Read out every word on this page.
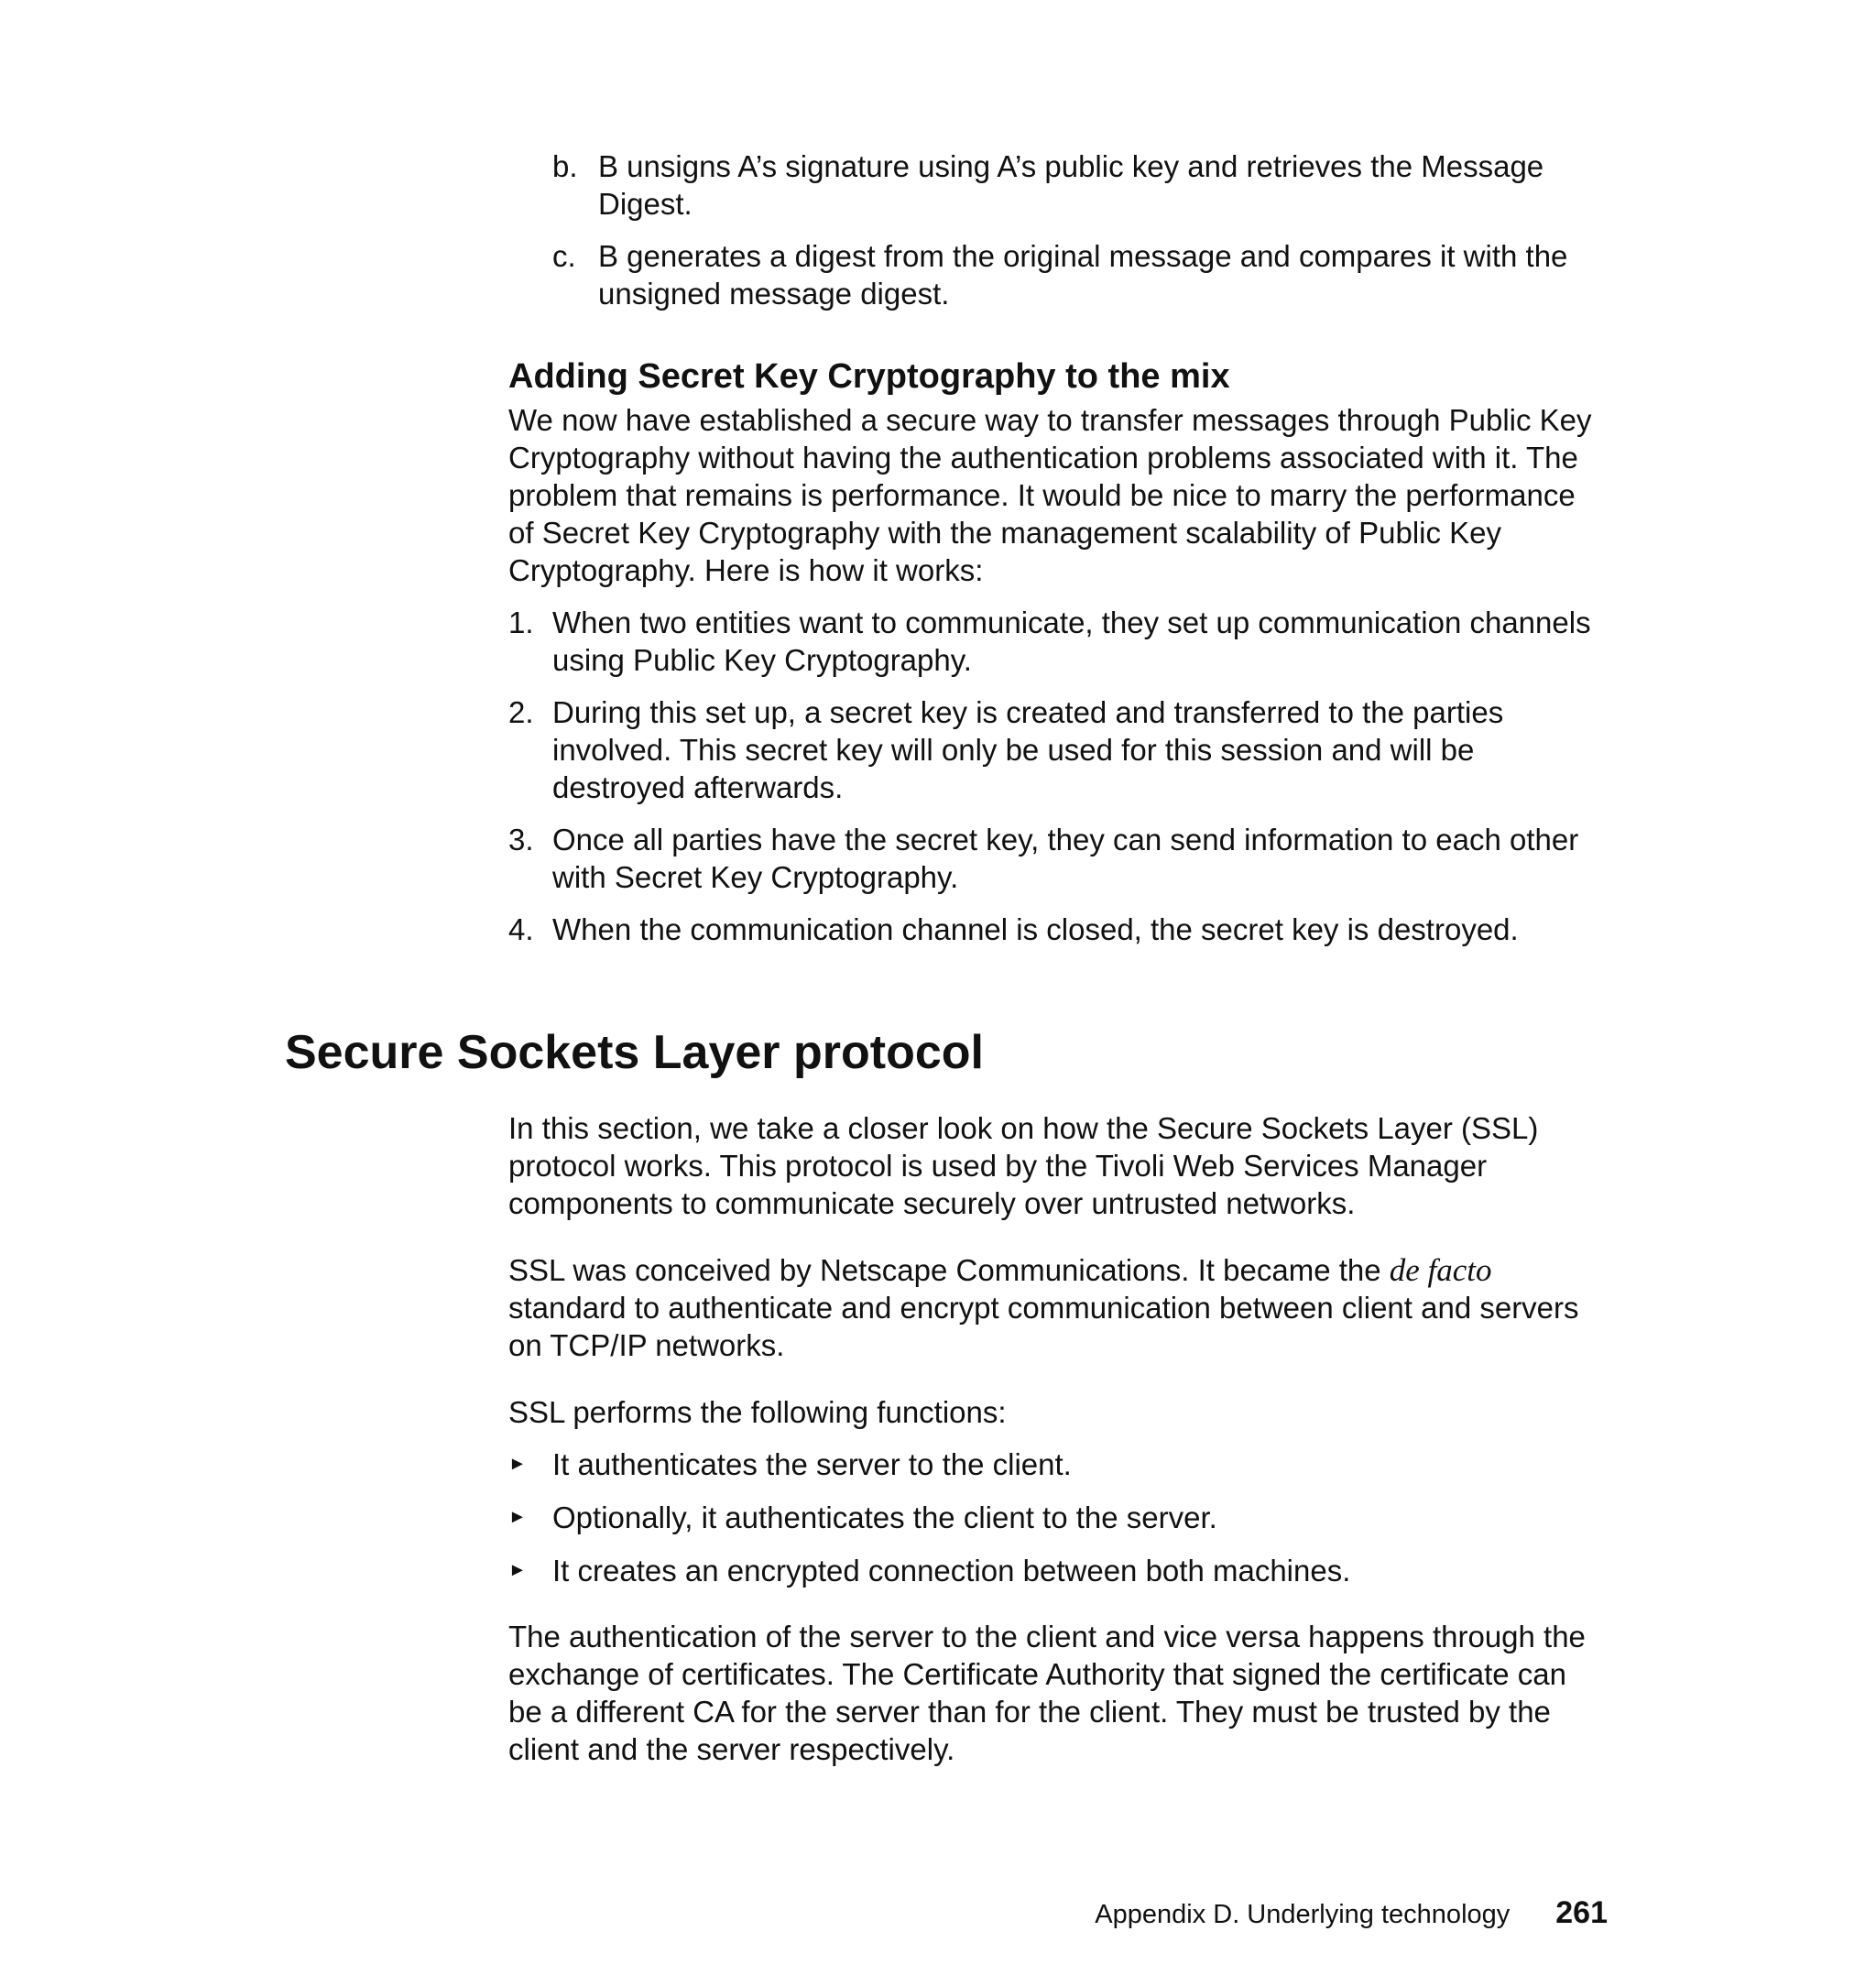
b. B unsigns A’s signature using A’s public key and retrieves the Message Digest.
c. B generates a digest from the original message and compares it with the unsigned message digest.
Adding Secret Key Cryptography to the mix

We now have established a secure way to transfer messages through Public Key Cryptography without having the authentication problems associated with it. The problem that remains is performance. It would be nice to marry the performance of Secret Key Cryptography with the management scalability of Public Key Cryptography. Here is how it works:

1. When two entities want to communicate, they set up communication channels using Public Key Cryptography.
2. During this set up, a secret key is created and transferred to the parties involved. This secret key will only be used for this session and will be destroyed afterwards.
3. Once all parties have the secret key, they can send information to each other with Secret Key Cryptography.
4. When the communication channel is closed, the secret key is destroyed.
Secure Sockets Layer protocol

In this section, we take a closer look on how the Secure Sockets Layer (SSL) protocol works. This protocol is used by the Tivoli Web Services Manager components to communicate securely over untrusted networks.

SSL was conceived by Netscape Communications. It became the de facto standard to authenticate and encrypt communication between client and servers on TCP/IP networks.

SSL performs the following functions:

► It authenticates the server to the client.
► Optionally, it authenticates the client to the server.
► It creates an encrypted connection between both machines.

The authentication of the server to the client and vice versa happens through the exchange of certificates. The Certificate Authority that signed the certificate can be a different CA for the server than for the client. They must be trusted by the client and the server respectively.

Appendix D. Underlying technology 261
